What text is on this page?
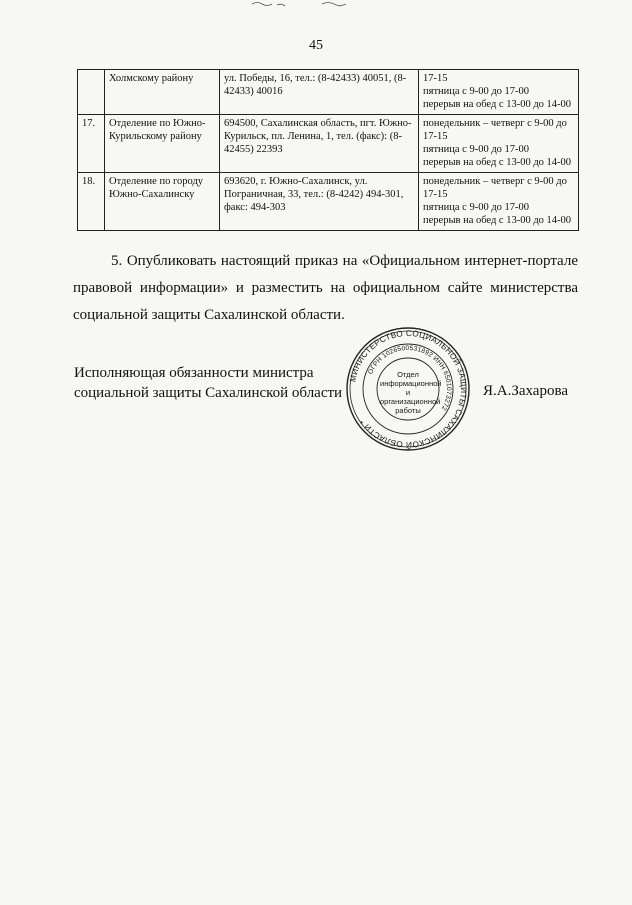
45
	Холмскому району	ул. Победы, 16, тел.: (8-42433) 40051, (8-42433) 40016	17-15
пятница с 9-00 до 17-00
перерыв на обед с 13-00 до 14-00

17.	Отделение по Южно-Курильскому району	694500, Сахалинская область, пгт. Южно-Курильск, пл. Ленина, 1, тел. (факс): (8-42455) 22393	понедельник – четверг с 9-00 до 17-15
пятница с 9-00 до 17-00
перерыв на обед с 13-00 до 14-00

18.	Отделение по городу Южно-Сахалинску	693620, г. Южно-Сахалинск, ул. Пограничная, 33, тел.: (8-4242) 494-301, факс: 494-303	понедельник – четверг с 9-00 до 17-15
пятница с 9-00 до 17-00
перерыв на обед с 13-00 до 14-00
5. Опубликовать настоящий приказ на «Официальном интернет-портале правовой информации» и разместить на официальном сайте министерства социальной защиты Сахалинской области.
Исполняющая обязанности министра
социальной защиты Сахалинской области
МИНИСТЕРСТВО СОЦИАЛЬНОЙ ЗАЩИТЫ САХАЛИНСКОЙ ОБЛАСТИ *
ОГРН 1026500531892 ИНН 6501073272
Отдел
информационной
и организационной
работы
Я.А.Захарова
